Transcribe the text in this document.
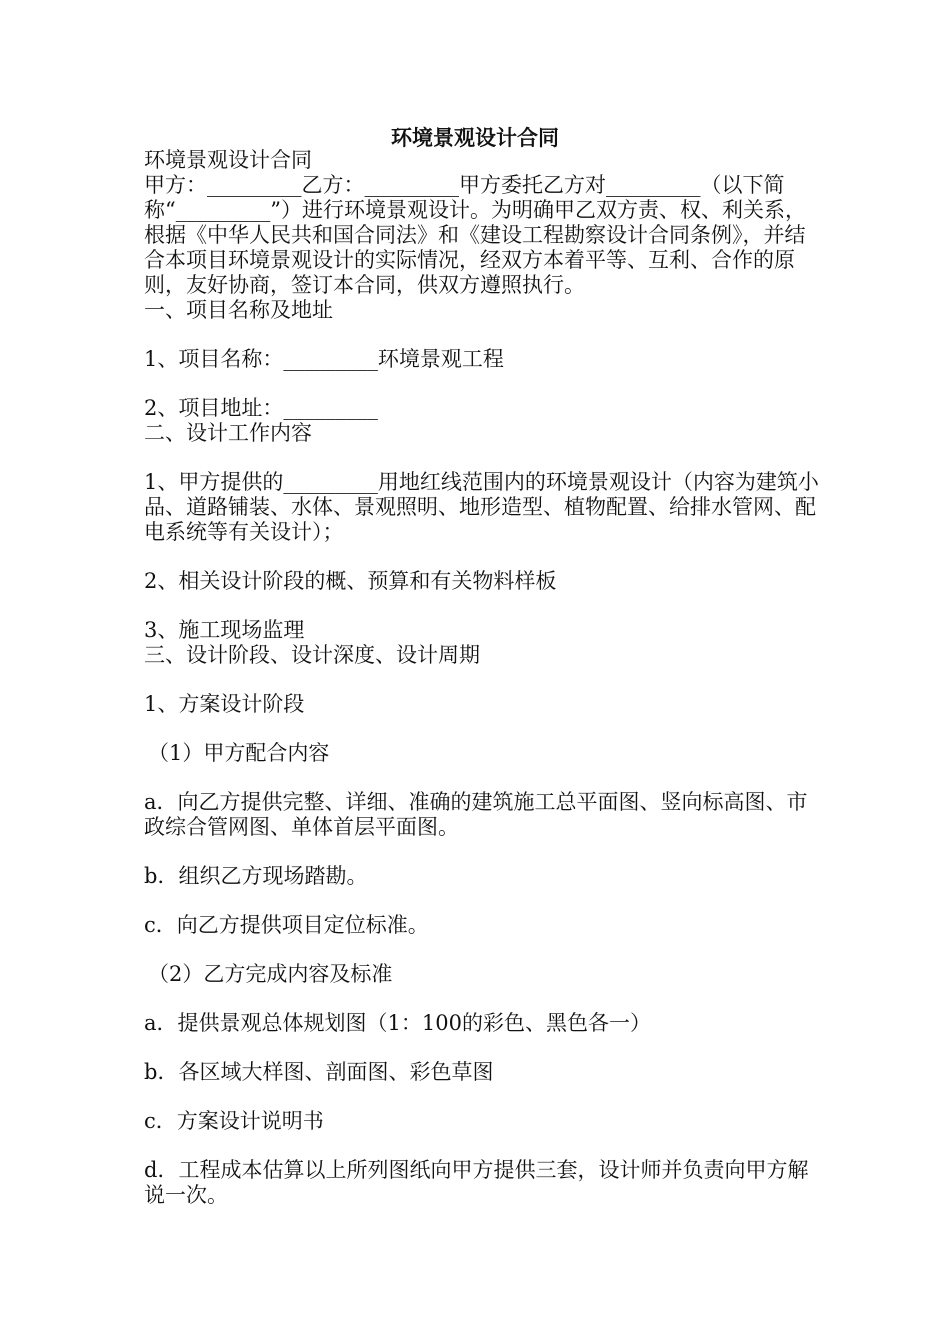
环境景观设计合同

环境景观设计合同

甲方：_________乙方：_________甲方委托乙方对_________（以下简称“_________”）进行环境景观设计。为明确甲乙双方责、权、利关系，根据《中华人民共和国合同法》和《建设工程勘察设计合同条例》，并结合本项目环境景观设计的实际情况，经双方本着平等、互利、合作的原则，友好协商，签订本合同，供双方遵照执行。

一、项目名称及地址

1、项目名称：_________环境景观工程

2、项目地址：_________

二、设计工作内容

1、甲方提供的_________用地红线范围内的环境景观设计（内容为建筑小品、道路铺装、水体、景观照明、地形造型、植物配置、给排水管网、配电系统等有关设计）；

2、相关设计阶段的概、预算和有关物料样板

3、施工现场监理

三、设计阶段、设计深度、设计周期

1、方案设计阶段

（1）甲方配合内容

a．向乙方提供完整、详细、准确的建筑施工总平面图、竖向标高图、市政综合管网图、单体首层平面图。

b．组织乙方现场踏勘。

c．向乙方提供项目定位标准。

（2）乙方完成内容及标准

a．提供景观总体规划图（1：100的彩色、黑色各一）

b．各区域大样图、剖面图、彩色草图

c．方案设计说明书

d．工程成本估算以上所列图纸向甲方提供三套，设计师并负责向甲方解说一次。
